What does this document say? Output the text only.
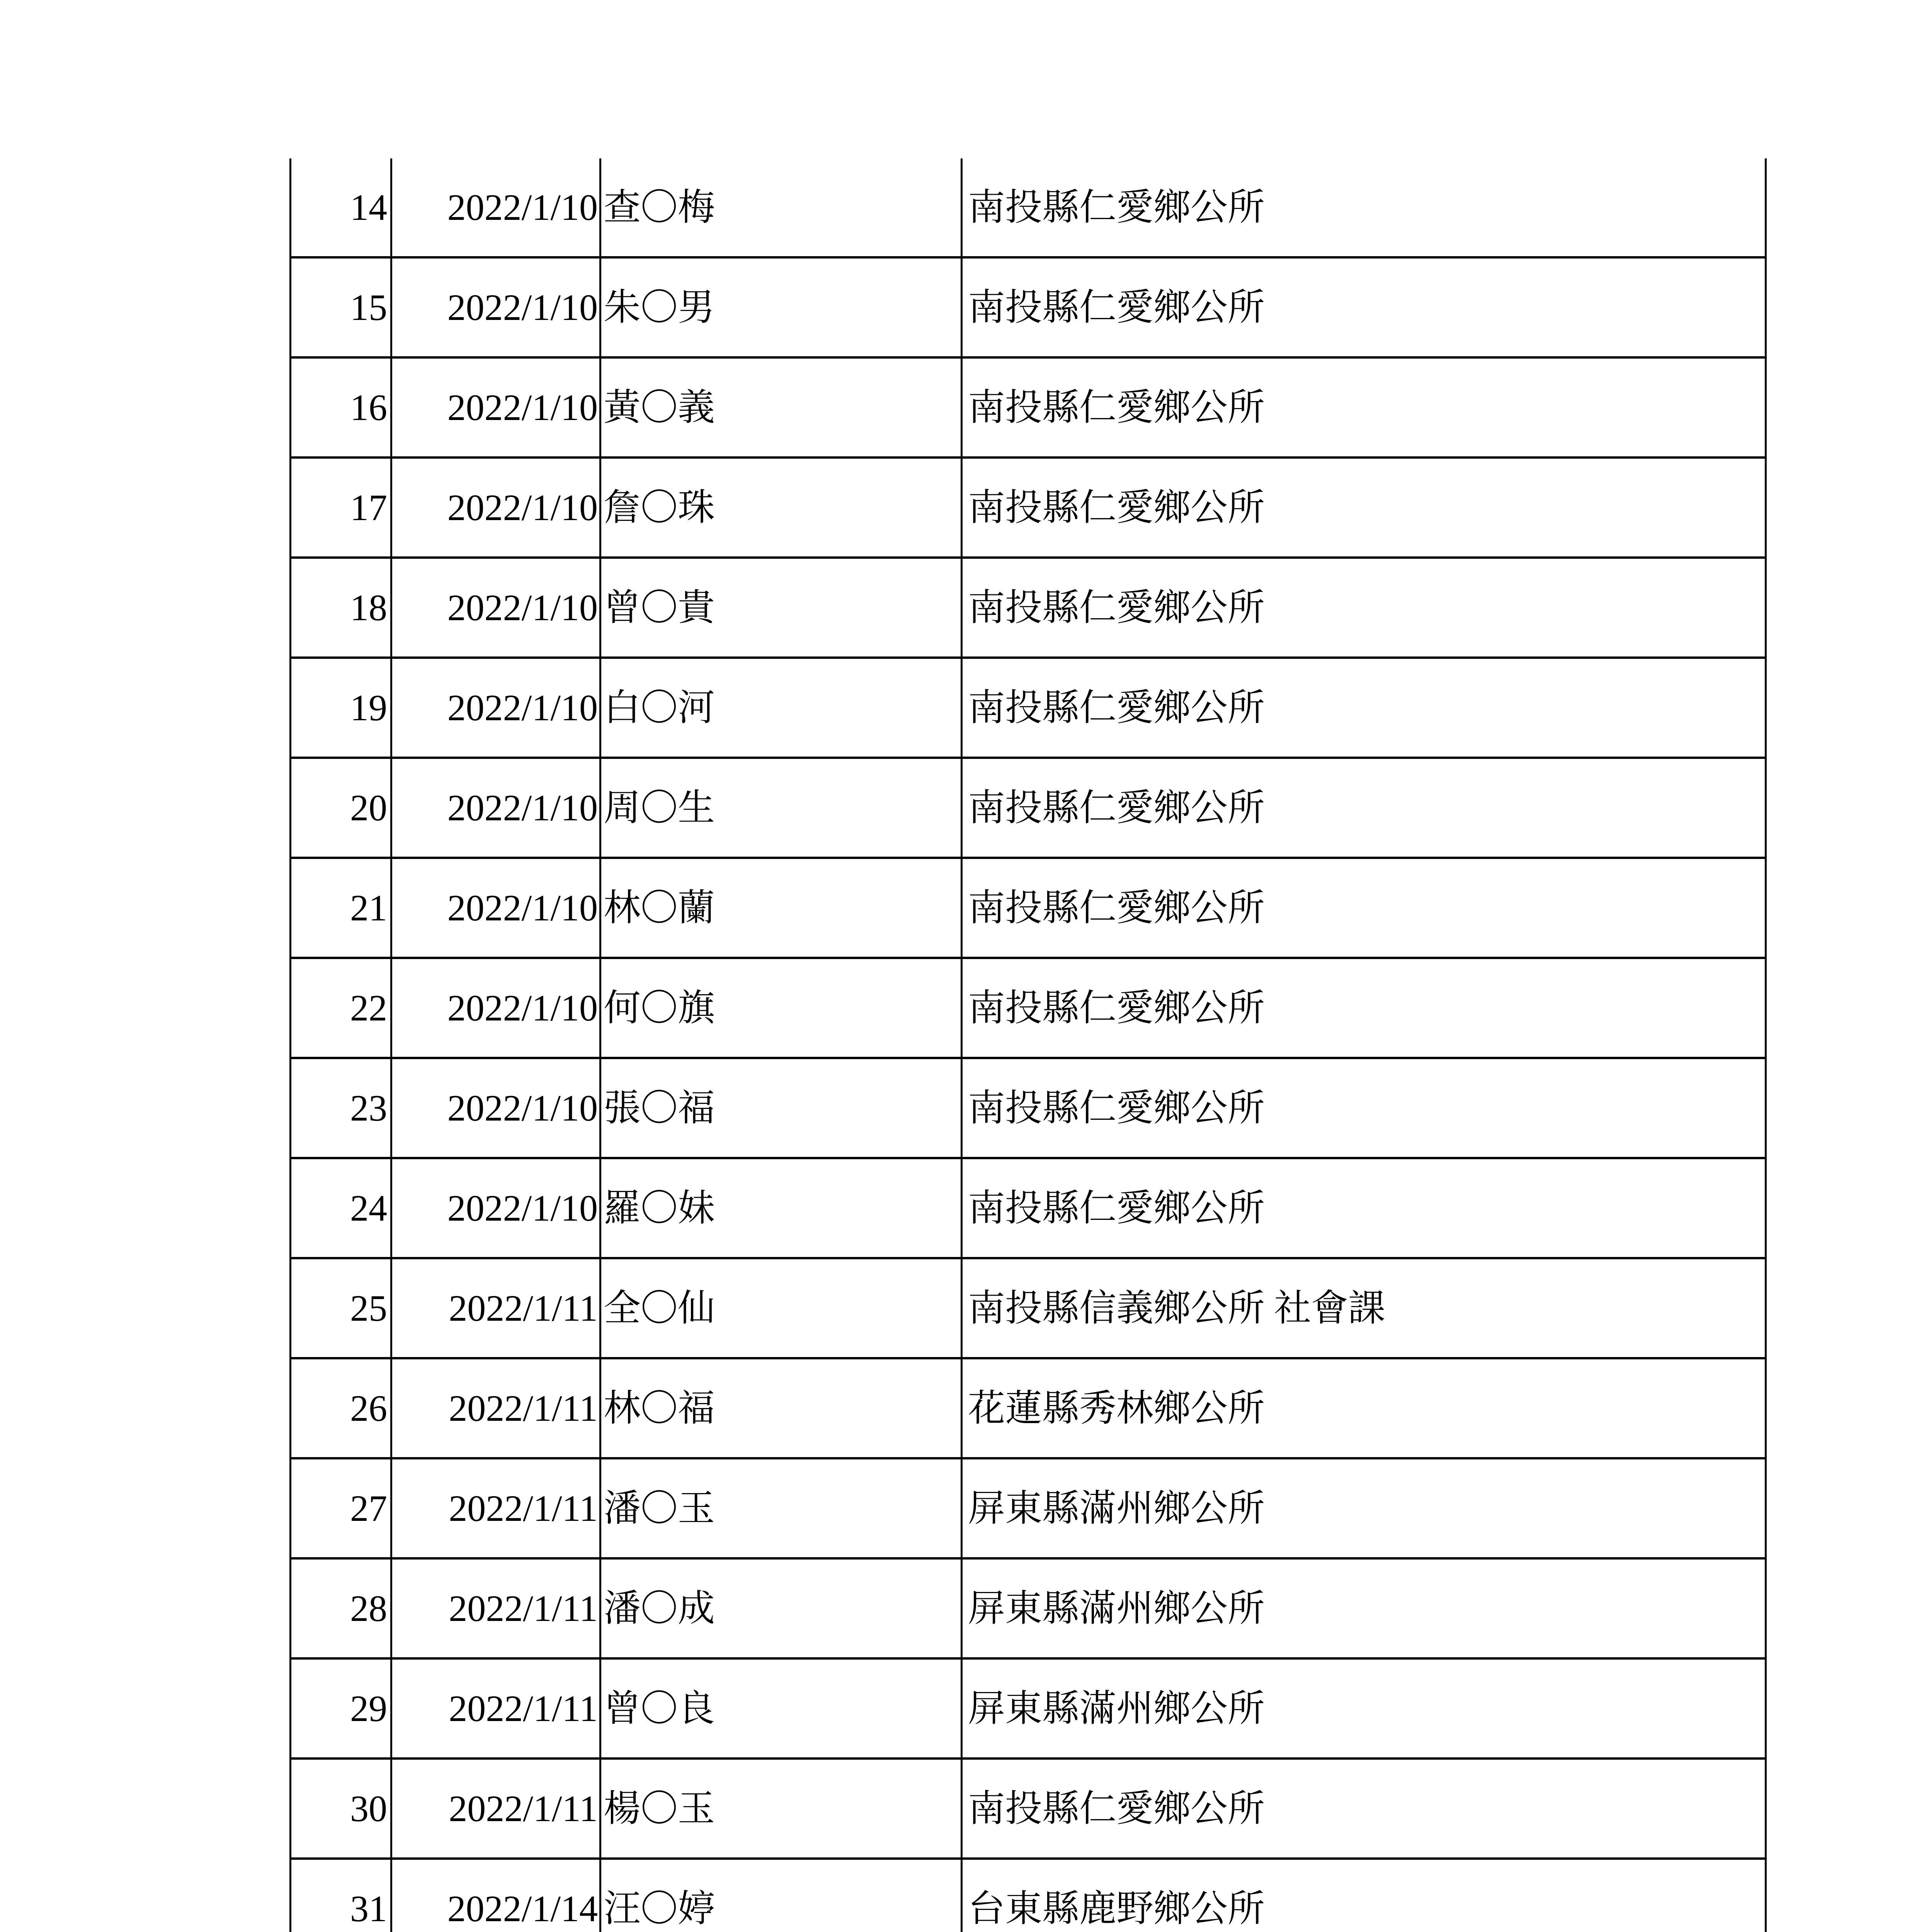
14	2022/1/10	查〇梅	南投縣仁愛鄉公所
15	2022/1/10	朱〇男	南投縣仁愛鄉公所
16	2022/1/10	黃〇義	南投縣仁愛鄉公所
17	2022/1/10	詹〇珠	南投縣仁愛鄉公所
18	2022/1/10	曾〇貴	南投縣仁愛鄉公所
19	2022/1/10	白〇河	南投縣仁愛鄉公所
20	2022/1/10	周〇生	南投縣仁愛鄉公所
21	2022/1/10	林〇蘭	南投縣仁愛鄉公所
22	2022/1/10	何〇旗	南投縣仁愛鄉公所
23	2022/1/10	張〇福	南投縣仁愛鄉公所
24	2022/1/10	羅〇妹	南投縣仁愛鄉公所
25	2022/1/11	全〇仙	南投縣信義鄉公所 社會課
26	2022/1/11	林〇福	花蓮縣秀林鄉公所
27	2022/1/11	潘〇玉	屏東縣滿州鄉公所
28	2022/1/11	潘〇成	屏東縣滿州鄉公所
29	2022/1/11	曾〇良	屏東縣滿州鄉公所
30	2022/1/11	楊〇玉	南投縣仁愛鄉公所
31	2022/1/14	汪〇婷	台東縣鹿野鄉公所
